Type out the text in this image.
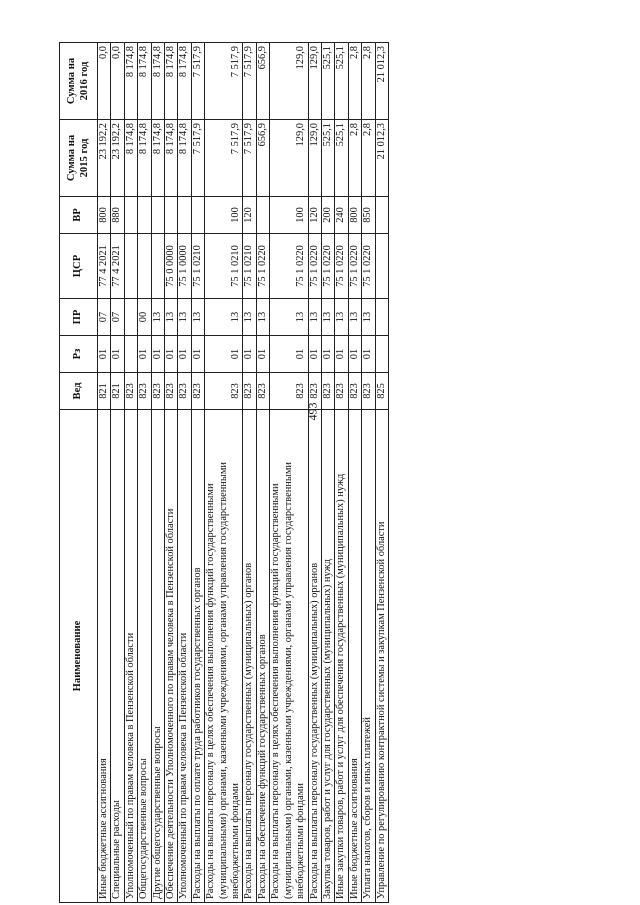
493
Наименование	Вед	Рз	ПР	ЦСР	ВР	Сумма на 2015 год	Сумма на 2016 год
Иные бюджетные ассигнования	821	01	07	77 4 2021	800	23 192,2	0,0
Специальные расходы	821	01	07	77 4 2021	880	23 192,2	0,0
Уполномоченный по правам человека в Пензенской области	823					8 174,8	8 174,8
Общегосударственные вопросы	823	01	00			8 174,8	8 174,8
Другие общегосударственные вопросы	823	01	13			8 174,8	8 174,8
Обеспечение деятельности Уполномоченного по правам человека в Пензенской области	823	01	13	75 0 0000		8 174,8	8 174,8
Уполномоченный по правам человека в Пензенской области	823	01	13	75 1 0000		8 174,8	8 174,8
Расходы на выплаты по оплате труда работников государственных органов	823	01	13	75 1 0210		7 517,9	7 517,9
Расходы на выплаты персоналу в целях обеспечения выполнения функций государственными (муниципальными) органами, казенными учреждениями, органами управления государственными внебюджетными фондами	823	01	13	75 1 0210	100	7 517,9	7 517,9
Расходы на выплаты персоналу государственных (муниципальных) органов	823	01	13	75 1 0210	120	7 517,9	7 517,9
Расходы на обеспечение функций государственных органов	823	01	13	75 1 0220		656,9	656,9
Расходы на выплаты персоналу в целях обеспечения выполнения функций государственными (муниципальными) органами, казенными учреждениями, органами управления государственными внебюджетными фондами	823	01	13	75 1 0220	100	129,0	129,0
Расходы на выплаты персоналу государственных (муниципальных) органов	823	01	13	75 1 0220	120	129,0	129,0
Закупка товаров, работ и услуг для государственных (муниципальных) нужд	823	01	13	75 1 0220	200	525,1	525,1
Иные закупки товаров, работ и услуг для обеспечения государственных (муниципальных) нужд	823	01	13	75 1 0220	240	525,1	525,1
Иные бюджетные ассигнования	823	01	13	75 1 0220	800	2,8	2,8
Уплата налогов, сборов и иных платежей	823	01	13	75 1 0220	850	2,8	2,8
Управление по регулированию контрактной системы и закупкам Пензенской области	825					21 012,3	21 012,3
